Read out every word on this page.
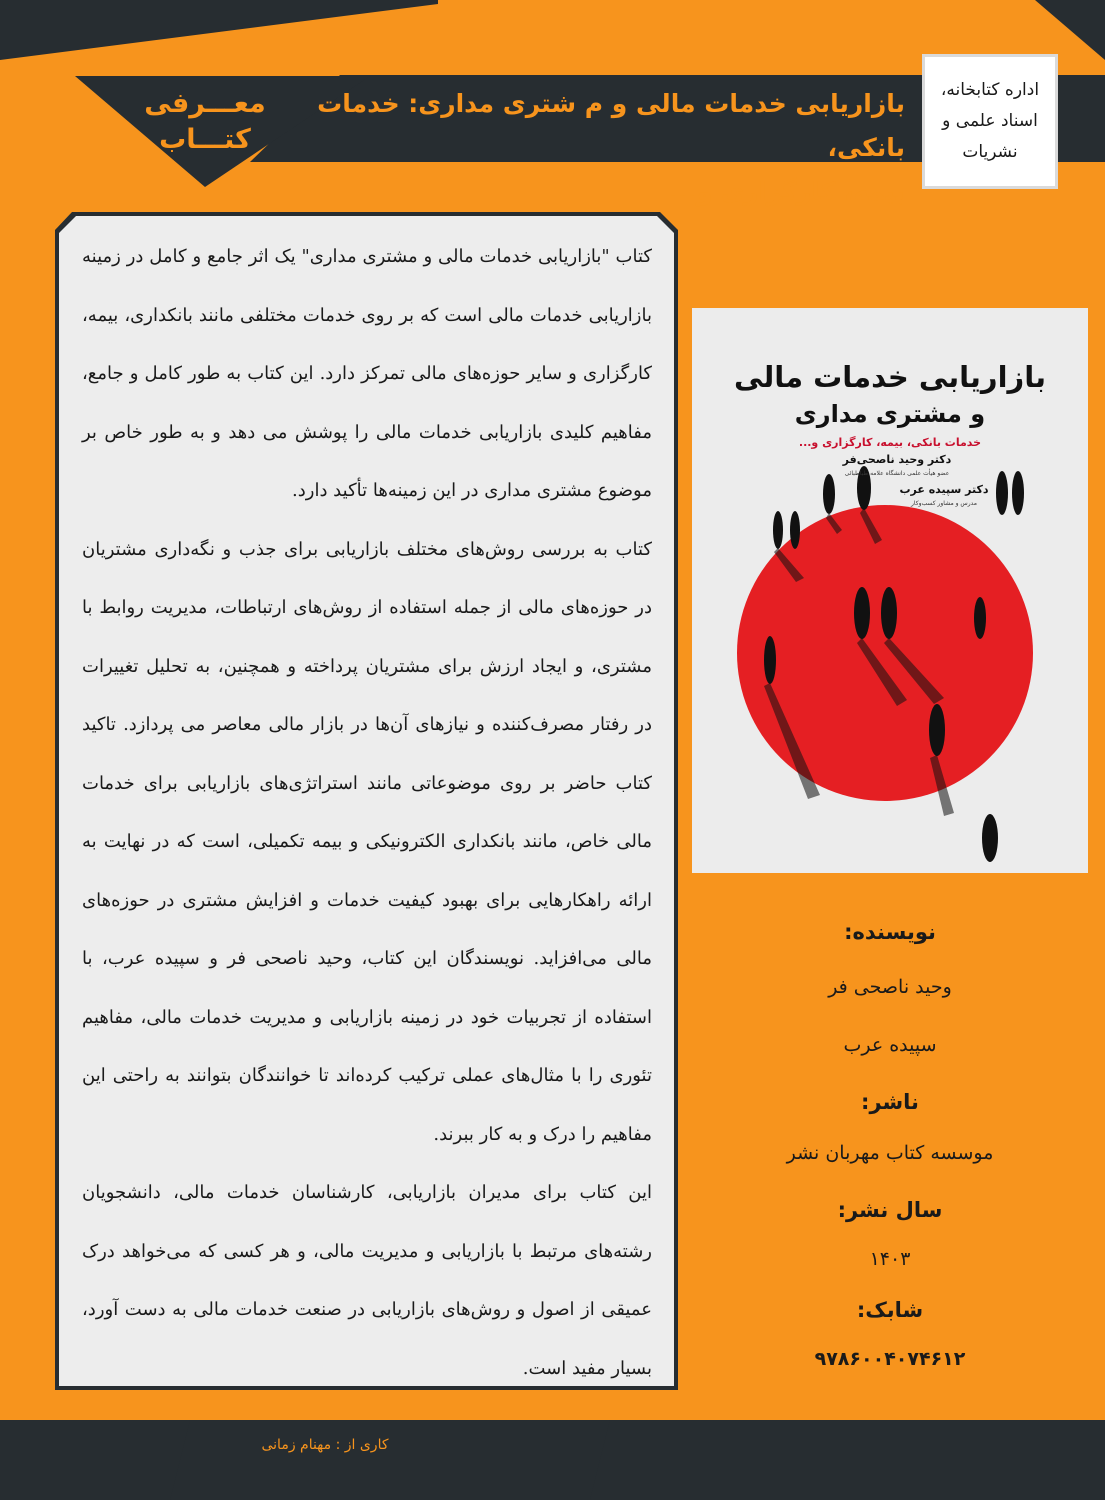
بازاریابی خدمات مالی و م شتری مداری: خدمات بانکی،
بیمه، کارگزاری و...
معـــرفی کتـــاب
اداره کتابخانه،
اسناد علمی و
نشریات

کتاب "بازاریابی خدمات مالی و مشتری مداری" یک اثر جامع و کامل در زمینه بازاریابی خدمات مالی است که بر روی خدمات مختلفی مانند بانکداری، بیمه، کارگزاری و سایر حوزه‌های مالی تمرکز دارد. این کتاب به طور کامل و جامع، مفاهیم کلیدی بازاریابی خدمات مالی را پوشش می دهد و به طور خاص بر موضوع مشتری مداری در این زمینه‌ها تأکید دارد.

کتاب به بررسی روش‌های مختلف بازاریابی برای جذب و نگه‌داری مشتریان در حوزه‌های مالی از جمله استفاده از روش‌های ارتباطات، مدیریت روابط با مشتری، و ایجاد ارزش برای مشتریان پرداخته و همچنین، به تحلیل تغییرات در رفتار مصرف‌کننده و نیازهای آن‌ها در بازار مالی معاصر می پردازد. تاکید کتاب حاضر بر روی موضوعاتی مانند استراتژی‌های بازاریابی برای خدمات مالی خاص، مانند بانکداری الکترونیکی و بیمه تکمیلی، است که در نهایت به ارائه راهکارهایی برای بهبود کیفیت خدمات و افزایش مشتری در حوزه‌های مالی می‌افزاید. نویسندگان این کتاب، وحید ناصحی فر و سپیده عرب، با استفاده از تجربیات خود در زمینه بازاریابی و مدیریت خدمات مالی، مفاهیم تئوری را با مثال‌های عملی ترکیب کرده‌اند تا خوانندگان بتوانند به راحتی این مفاهیم را درک و به کار ببرند.

این کتاب برای مدیران بازاریابی، کارشناسان خدمات مالی، دانشجویان رشته‌های مرتبط با بازاریابی و مدیریت مالی، و هر کسی که می‌خواهد درک عمیقی از اصول و روش‌های بازاریابی در صنعت خدمات مالی به دست آورد، بسیار مفید است.

بازاریابی خدمات مالی
و مشتری مداری
خدمات بانکی، بیمه، کارگزاری و...
دکتر وحید ناصحی‌فر
عضو هیأت علمی دانشگاه علامه طباطبائی
دکتر سپیده عرب
مدرس و مشاور کسب‌وکار
نویسنده:
وحید ناصحی فر
سپیده عرب
ناشر:
موسسه کتاب مهربان نشر
سال نشر:
۱۴۰۳
شابک:
۹۷۸۶۰۰۴۰۷۴۶۱۲
کاری از : مهنام زمانی
